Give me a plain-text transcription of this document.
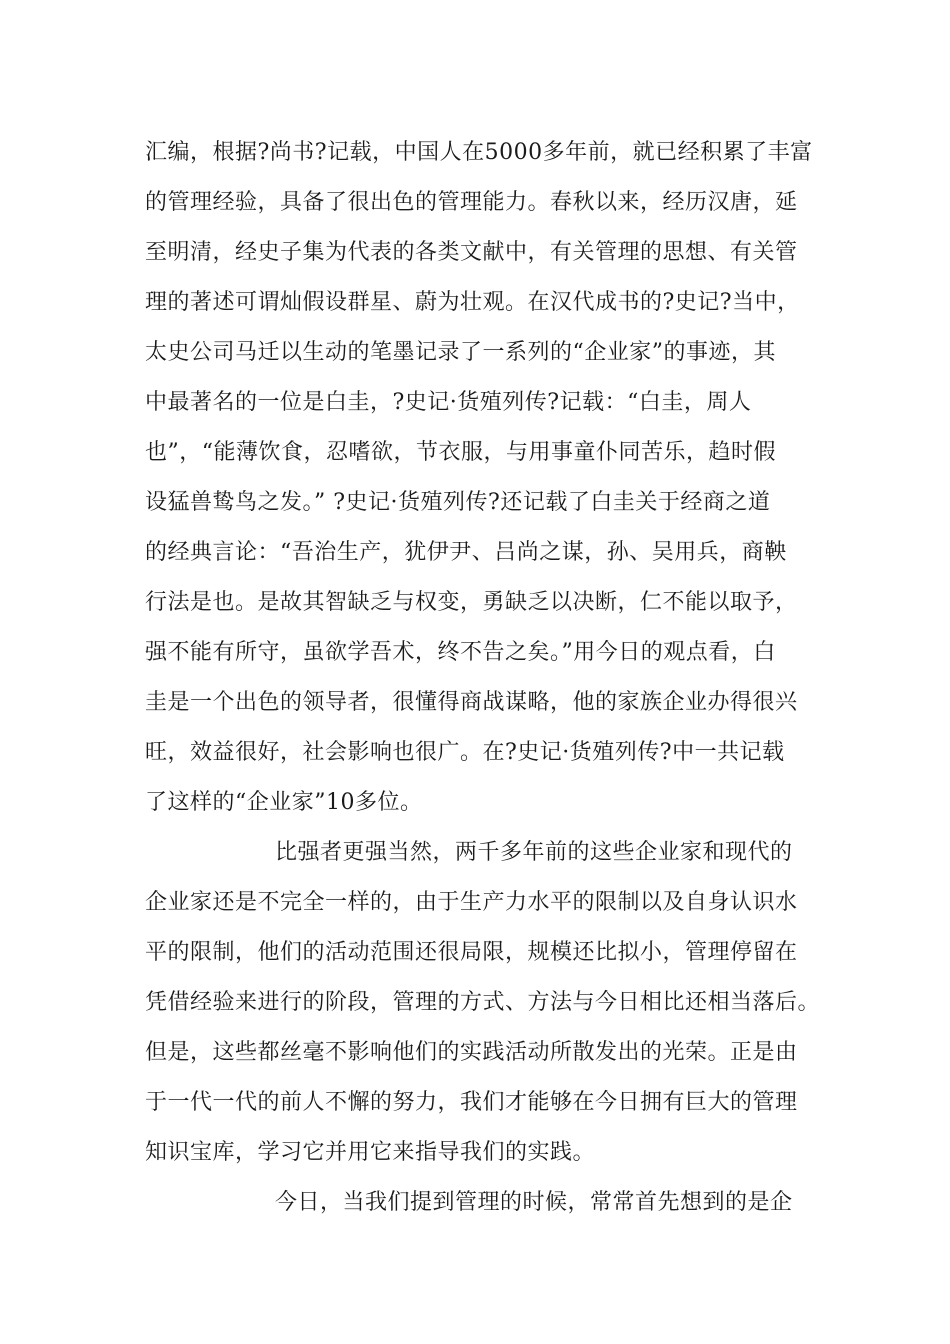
汇编，根据?尚书?记载，中国人在5000多年前，就已经积累了丰富
的管理经验，具备了很出色的管理能力。春秋以来，经历汉唐，延
至明清，经史子集为代表的各类文献中，有关管理的思想、有关管
理的著述可谓灿假设群星、蔚为壮观。在汉代成书的?史记?当中，
太史公司马迁以生动的笔墨记录了一系列的“企业家”的事迹，其
中最著名的一位是白圭，?史记·货殖列传?记载：“白圭，周人
也”，“能薄饮食，忍嗜欲，节衣服，与用事童仆同苦乐，趋时假
设猛兽鸷鸟之发。” ?史记·货殖列传?还记载了白圭关于经商之道
的经典言论：“吾治生产，犹伊尹、吕尚之谋，孙、吴用兵，商鞅
行法是也。是故其智缺乏与权变，勇缺乏以决断，仁不能以取予，
强不能有所守，虽欲学吾术，终不告之矣。”用今日的观点看，白
圭是一个出色的领导者，很懂得商战谋略，他的家族企业办得很兴
旺，效益很好，社会影响也很广。在?史记·货殖列传?中一共记载
了这样的“企业家”10多位。
比强者更强当然，两千多年前的这些企业家和现代的
企业家还是不完全一样的，由于生产力水平的限制以及自身认识水
平的限制，他们的活动范围还很局限，规模还比拟小，管理停留在
凭借经验来进行的阶段，管理的方式、方法与今日相比还相当落后。
但是，这些都丝毫不影响他们的实践活动所散发出的光荣。正是由
于一代一代的前人不懈的努力，我们才能够在今日拥有巨大的管理
知识宝库，学习它并用它来指导我们的实践。
今日，当我们提到管理的时候，常常首先想到的是企
